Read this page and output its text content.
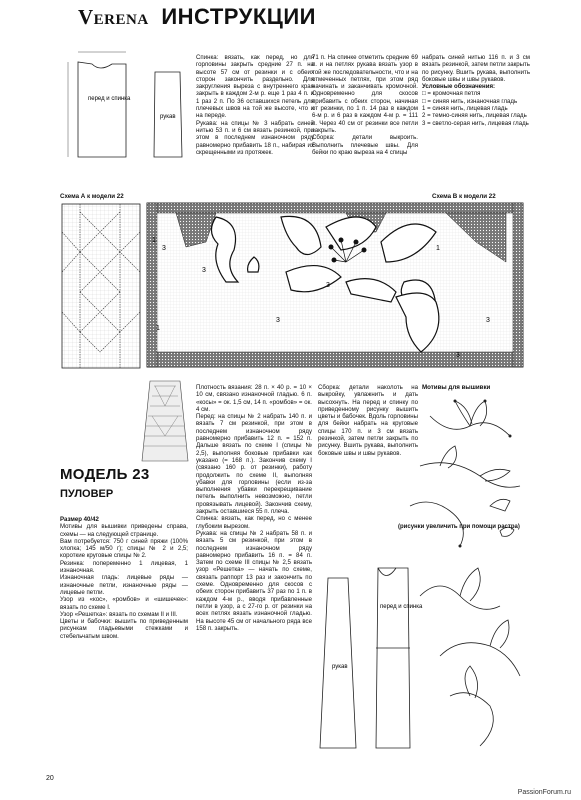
VERENA ИНСТРУКЦИИ
перед и спинка
рукав

Спинка: вязать, как перед, но для горловины закрыть средние 27 п. на высоте 57 см от резинки и с обеих сторон закончить раздельно. Для закругления выреза с внутреннего края закрыть в каждом 2-м р. еще 1 раз 4 п. и 1 раз 2 п. По 36 оставшихся петель для плечевых швов на той же высоте, что и на переде.

Рукава: на спицы № 3 набрать синей нитью 53 п. и 6 см вязать резинкой, при этом в последнем изнаночном ряду равномерно прибавить 18 п., набирая их скрещенными из протяжек.

71 п. На спинке отметить средние 69 п. и на петлях рукава вязать узор в той же последовательности, что и на отмеченных петлях, при этом ряд начинать и заканчивать кромочной. Одновременно для скосов прибавить с обеих сторон, начиная от резинки, по 1 п. 14 раз в каждом 6-м р. и 6 раз в каждом 4-м р. = 111 п. Через 40 см от резинки все петли закрыть.

Сборка: детали выкроить. Выполнить плечевые швы. Для бейки по краю выреза на 4 спицы

набрать синей нитью 116 п. и 3 см вязать резинкой, затем петли закрыть по рисунку. Вшить рукава, выполнить боковые швы и швы рукавов.

Условные обозначения:

□ = кромочная петля

□ = синяя нить, изнаночная гладь

1 = синяя нить, лицевая гладь

2 = темно-синяя нить, лицевая гладь

3 = светло-серая нить, лицевая гладь

Схема А к модели 22	Схема В к модели 22
1
3
3
1
3
1
3
3
3
МОДЕЛЬ 23
ПУЛОВЕР

Размер 40/42

Мотивы для вышивки приведены справа, схемы — на следующей странице.

Вам потребуется: 750 г синей пряжи (100% хлопка; 145 м/50 г); спицы № 2 и 2,5; короткие круговые спицы № 2.

Резинка: попеременно 1 лицевая, 1 изнаночная.

Изнаночная гладь: лицевые ряды — изнаночные петли, изнаночные ряды — лицевые петли.

Узор из «кос», «ромбов» и «шишечек»: вязать по схеме I.

Узор «Решетка»: вязать по схемам II и III.

Цветы и бабочки: вышить по приведенным рисункам гладьевыми стежками и стебельчатым швом.

Плотность вязания: 28 п. × 40 р. = 10 × 10 см, связано изнаночной гладью. 6 п. «косы» = ок. 1,5 см, 14 п. «ромбов» = ок. 4 см.

Перед: на спицы № 2 набрать 140 п. и вязать 7 см резинкой, при этом в последнем изнаночном ряду равномерно прибавить 12 п. = 152 п. Дальше вязать по схеме I (спицы № 2,5), выполняя боковые прибавки как указано (= 168 п.). Закончив схему I (связано 160 р. от резинки), работу продолжить по схеме II, выполняя убавки для горловины (если из-за выполнения убавки перекрещивание петель выполнить невозможно, петли провязывать лицевой). Закончив схему, закрыть оставшиеся 55 п. плеча.

Спинка: вязать, как перед, но с менее глубоким вырезом.

Рукава: на спицы № 2 набрать 58 п. и вязать 5 см резинкой, при этом в последнем изнаночном ряду равномерно прибавить 16 п. = 84 п. Затем по схеме III спицы № 2,5 вязать узор «Решетка» — начать по схеме, связать раппорт 13 раз и закончить по схеме. Одновременно для скосов с обеих сторон прибавить 37 раз по 1 п. в каждом 4-м р., вводя прибавленные петли в узор, а с 27-го р. от резинки на всех петлях вязать изнаночной гладью. На высоте 45 см от начального ряда все 158 п. закрыть.

Сборка: детали наколоть на выкройку, увлажнить и дать высохнуть. На перед и спинку по приведенному рисунку вышить цветы и бабочек. Вдоль горловины для бейки набрать на круговые спицы 170 п. и 3 см вязать резинкой, затем петли закрыть по рисунку. Вшить рукава, выполнить боковые швы и швы рукавов.

Мотивы для вышивки
(рисунки увеличить при помощи растра)
рукав
перед и спинка
20
PassionForum.ru
